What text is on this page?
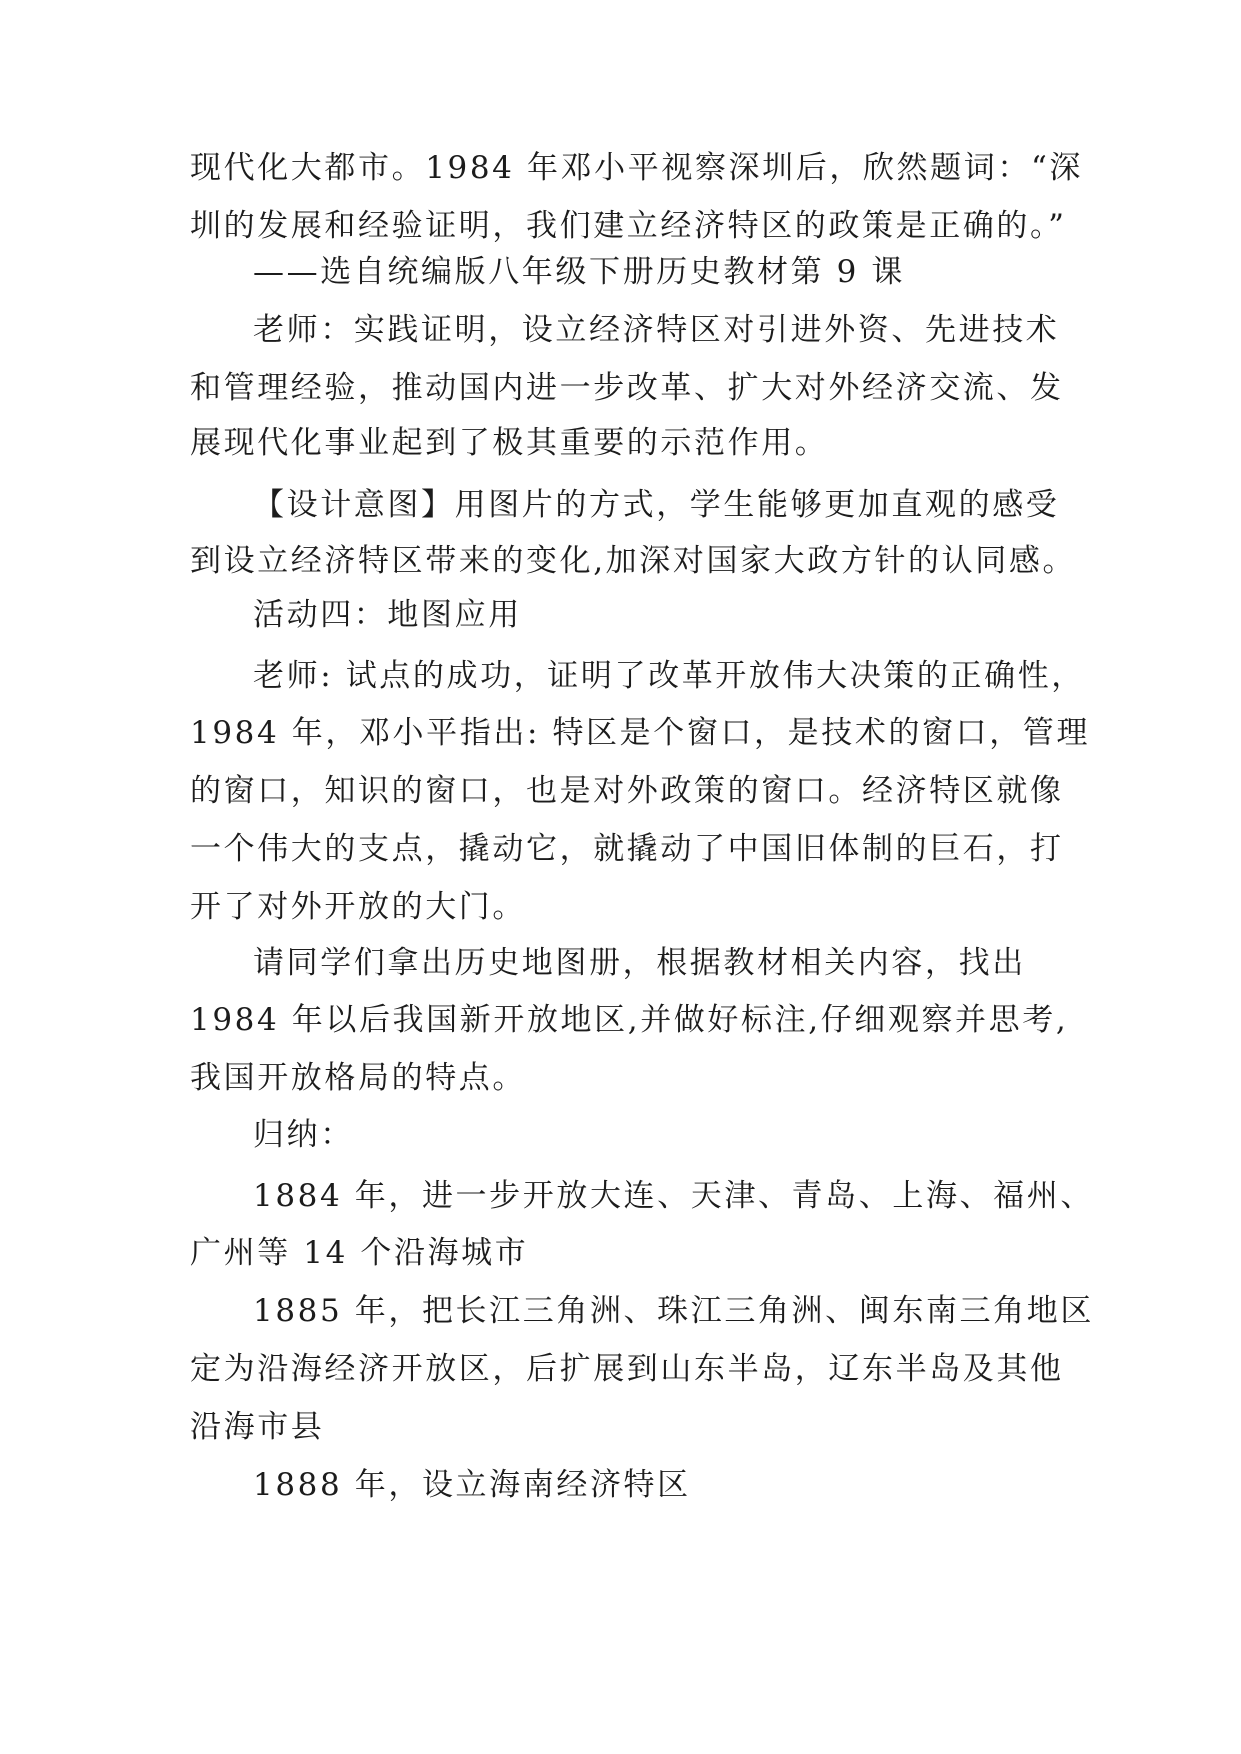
现代化大都市。1984 年邓小平视察深圳后，欣然题词：“深
圳的发展和经验证明，我们建立经济特区的政策是正确的。”
——选自统编版八年级下册历史教材第 9 课
老师：实践证明，设立经济特区对引进外资、先进技术
和管理经验，推动国内进一步改革、扩大对外经济交流、发
展现代化事业起到了极其重要的示范作用。
【设计意图】用图片的方式，学生能够更加直观的感受
到设立经济特区带来的变化,加深对国家大政方针的认同感。
活动四：地图应用
老师: 试点的成功，证明了改革开放伟大决策的正确性，
1984 年，邓小平指出: 特区是个窗口，是技术的窗口，管理
的窗口，知识的窗口，也是对外政策的窗口。经济特区就像
一个伟大的支点，撬动它，就撬动了中国旧体制的巨石，打
开了对外开放的大门。
请同学们拿出历史地图册，根据教材相关内容，找出
1984 年以后我国新开放地区,并做好标注,仔细观察并思考,
我国开放格局的特点。
归纳：
1884 年，进一步开放大连、天津、青岛、上海、福州、
广州等 14 个沿海城市
1885 年，把长江三角洲、珠江三角洲、闽东南三角地区
定为沿海经济开放区，后扩展到山东半岛，辽东半岛及其他
沿海市县
1888 年，设立海南经济特区
